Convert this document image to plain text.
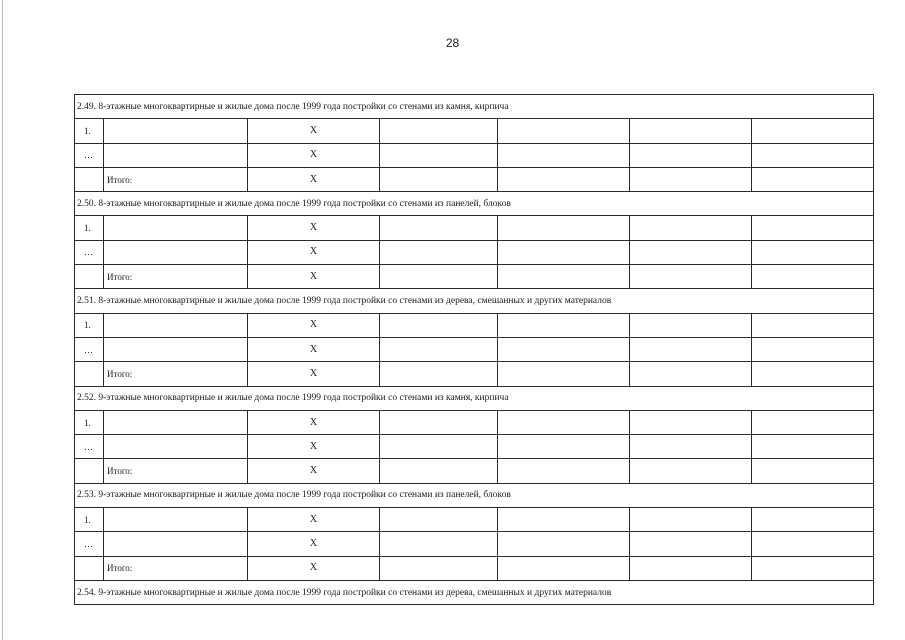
28
2.49. 8-этажные многоквартирные и жилые дома после 1999 года постройки со стенами из камня, кирпича						
1.		X				
…		X				
	Итого:	X				
2.50. 8-этажные многоквартирные и жилые дома после 1999 года постройки со стенами из панелей, блоков						
1.		X				
…		X				
	Итого:	X				
2.51. 8-этажные многоквартирные и жилые дома после 1999 года постройки со стенами из дерева, смешанных и других материалов						
1.		X				
…		X				
	Итого:	X				
2.52. 9-этажные многоквартирные и жилые дома после 1999 года постройки со стенами из камня, кирпича						
1.		X				
…		X				
	Итого:	X				
2.53. 9-этажные многоквартирные и жилые дома после 1999 года постройки со стенами из панелей, блоков						
1.		X				
…		X				
	Итого:	X				
2.54. 9-этажные многоквартирные и жилые дома после 1999 года постройки со стенами из дерева, смешанных и других материалов						
